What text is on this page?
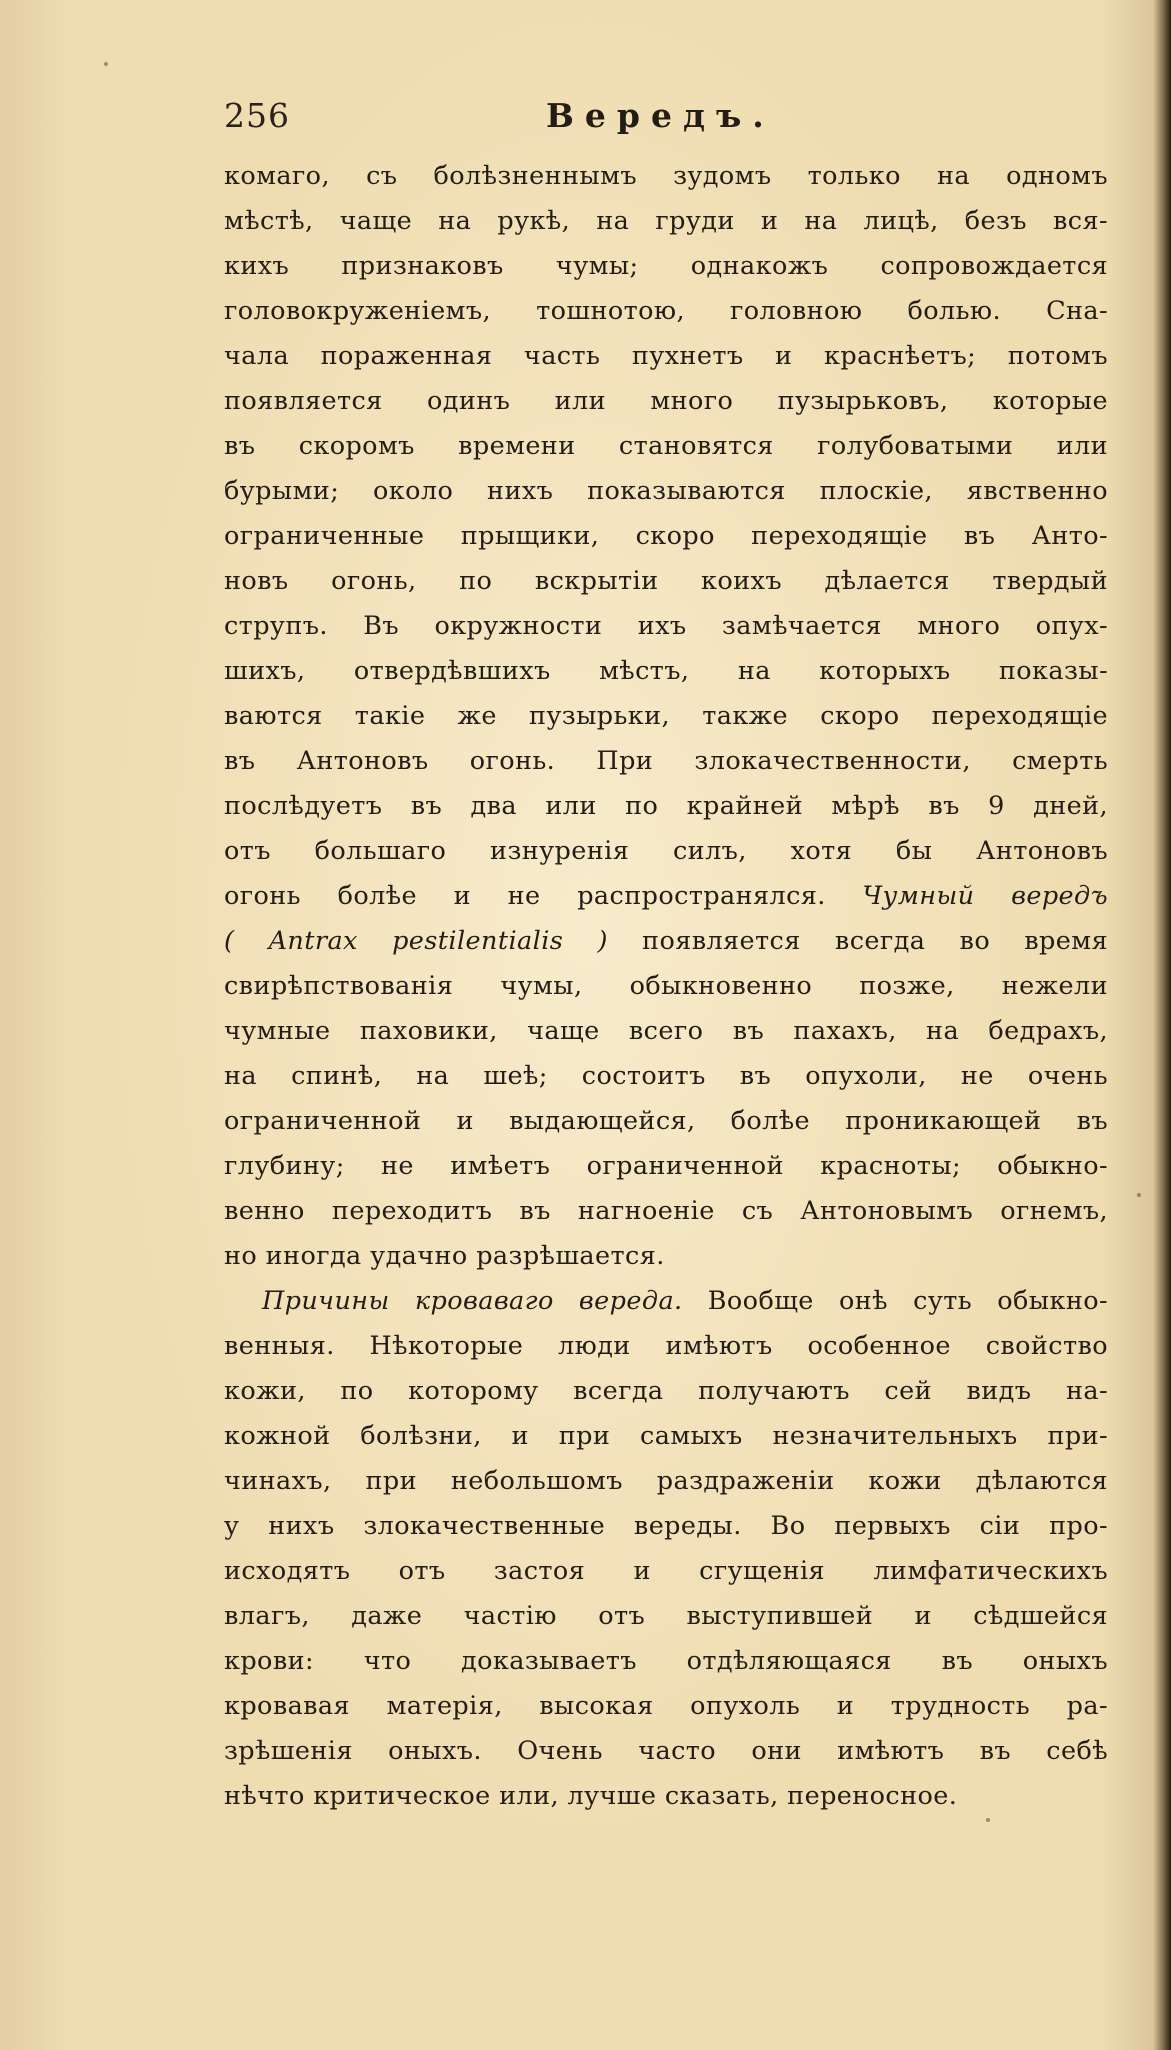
256	Вередъ.
комаго, съ болѣзненнымъ зудомъ только на одномъ
мѣстѣ, чаще на рукѣ, на груди и на лицѣ, безъ вся-
кихъ признаковъ чумы; однакожъ сопровождается
головокруженіемъ, тошнотою, головною болью. Сна-
чала пораженная часть пухнетъ и краснѣетъ; потомъ
появляется одинъ или много пузырьковъ, которые
въ скоромъ времени становятся голубоватыми или
бурыми; около нихъ показываются плоскіе, явственно
ограниченные прыщики, скоро переходящіе въ Анто-
новъ огонь, по вскрытіи коихъ дѣлается твердый
струпъ. Въ окружности ихъ замѣчается много опух-
шихъ, отвердѣвшихъ мѣстъ, на которыхъ показы-
ваются такіе же пузырьки, также скоро переходящіе
въ Антоновъ огонь. При злокачественности, смерть
послѣдуетъ въ два или по крайней мѣрѣ въ 9 дней,
отъ большаго изнуренія силъ, хотя бы Антоновъ
огонь болѣе и не распространялся. Чумный вередъ
( Antrax pestilentialis ) появляется всегда во время
свирѣпствованія чумы, обыкновенно позже, нежели
чумные паховики, чаще всего въ пахахъ, на бедрахъ,
на спинѣ, на шеѣ; состоитъ въ опухоли, не очень
ограниченной и выдающейся, болѣе проникающей въ
глубину; не имѣетъ ограниченной красноты; обыкно-
венно переходитъ въ нагноеніе съ Антоновымъ огнемъ,
но иногда удачно разрѣшается.
Причины кроваваго вереда. Вообще онѣ суть обыкно-
венныя. Нѣкоторые люди имѣютъ особенное свойство
кожи, по которому всегда получаютъ сей видъ на-
кожной болѣзни, и при самыхъ незначительныхъ при-
чинахъ, при небольшомъ раздраженіи кожи дѣлаются
у нихъ злокачественные вереды. Во первыхъ сіи про-
исходятъ отъ застоя и сгущенія лимфатическихъ
влагъ, даже частію отъ выступившей и сѣдшейся
крови: что доказываетъ отдѣляющаяся въ оныхъ
кровавая матерія, высокая опухоль и трудность ра-
зрѣшенія оныхъ. Очень часто они имѣютъ въ себѣ
нѣчто критическое или, лучше сказать, переносное.
